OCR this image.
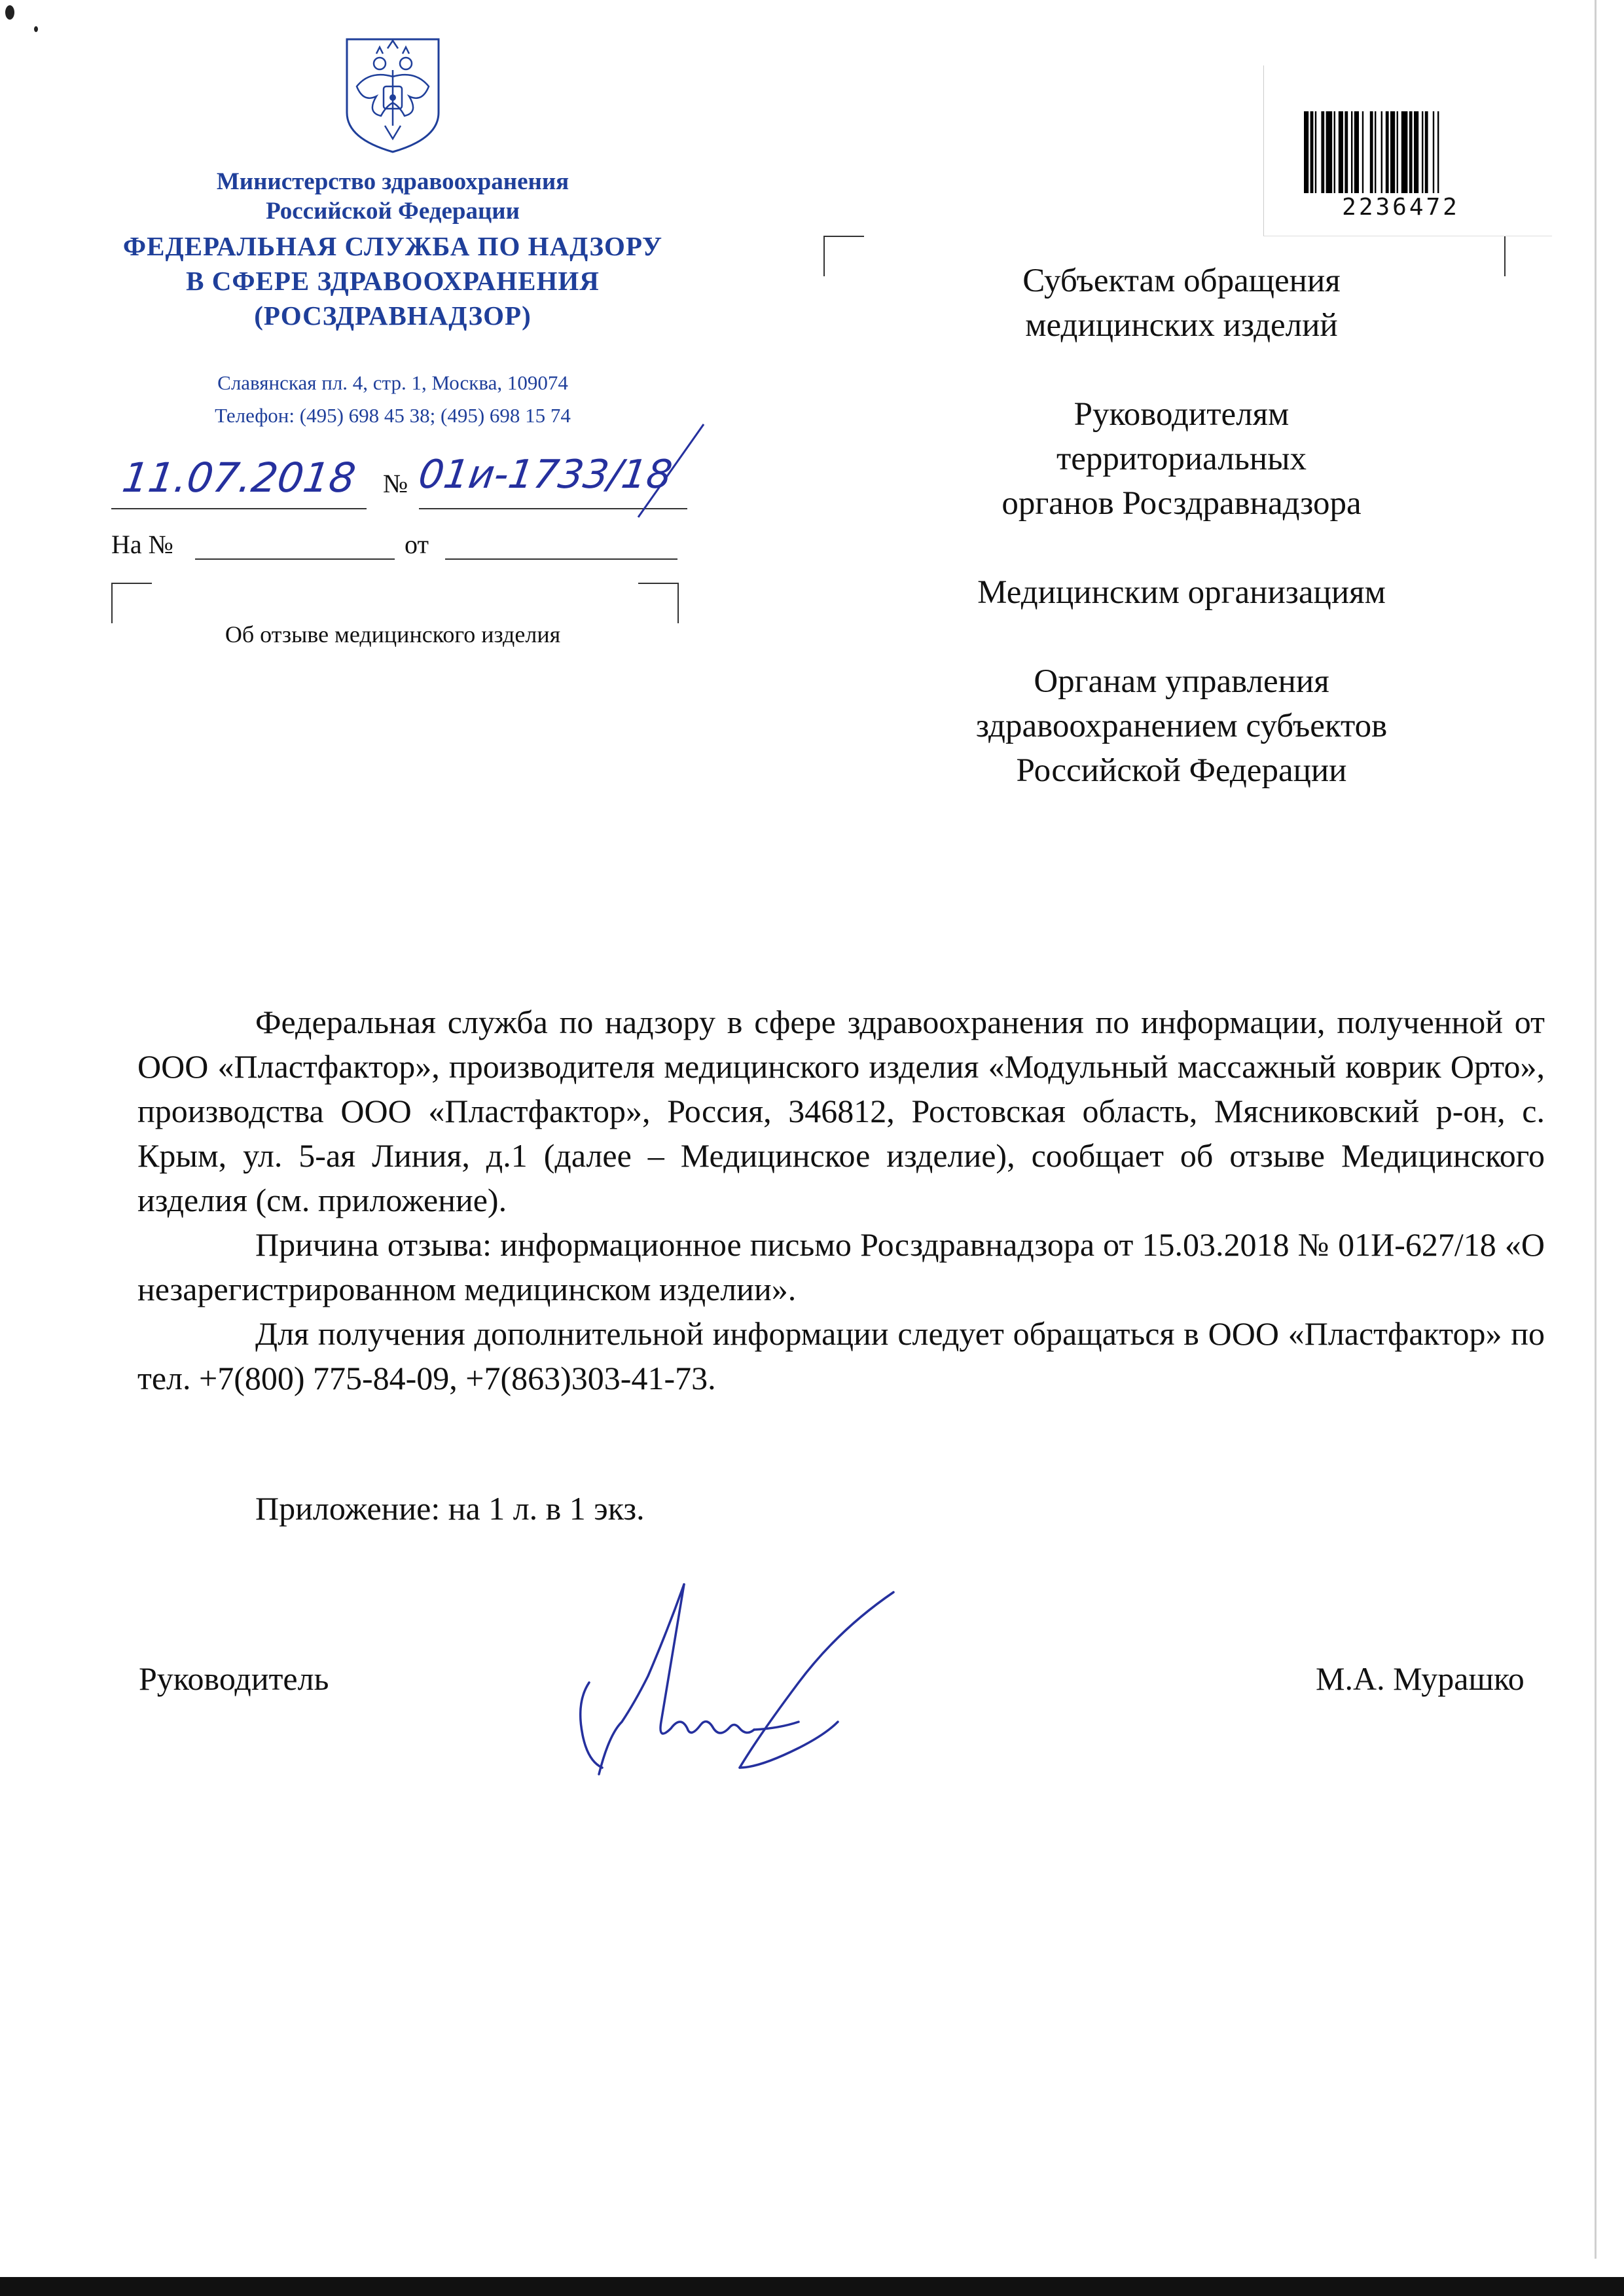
Министерство здравоохранения
Российской Федерации
ФЕДЕРАЛЬНАЯ СЛУЖБА ПО НАДЗОРУ
В СФЕРЕ ЗДРАВООХРАНЕНИЯ
(РОСЗДРАВНАДЗОР)
Славянская пл. 4, стр. 1, Москва, 109074
Телефон: (495) 698 45 38; (495) 698 15 74
11.07.2018 № 01и-1733/18
На №	от
Об отзыве медицинского изделия
2236472

Субъектам обращения
медицинских изделий

Руководителям
территориальных
органов Росздравнадзора

Медицинским организациям

Органам управления
здравоохранением субъектов
Российской Федерации

Федеральная служба по надзору в сфере здравоохранения по информации, полученной от ООО «Пластфактор», производителя медицинского изделия «Модульный массажный коврик Орто», производства ООО «Пластфактор», Россия, 346812, Ростовская область, Мясниковский р-он, с. Крым, ул. 5-ая Линия, д.1 (далее – Медицинское изделие), сообщает об отзыве Медицинского изделия (см. приложение).

Причина отзыва: информационное письмо Росздравнадзора от 15.03.2018 № 01И-627/18 «О незарегистрированном медицинском изделии».

Для получения дополнительной информации следует обращаться в ООО «Пластфактор» по тел. +7(800) 775-84-09, +7(863)303-41-73.

Приложение: на 1 л. в 1 экз.
Руководитель	М.А. Мурашко
